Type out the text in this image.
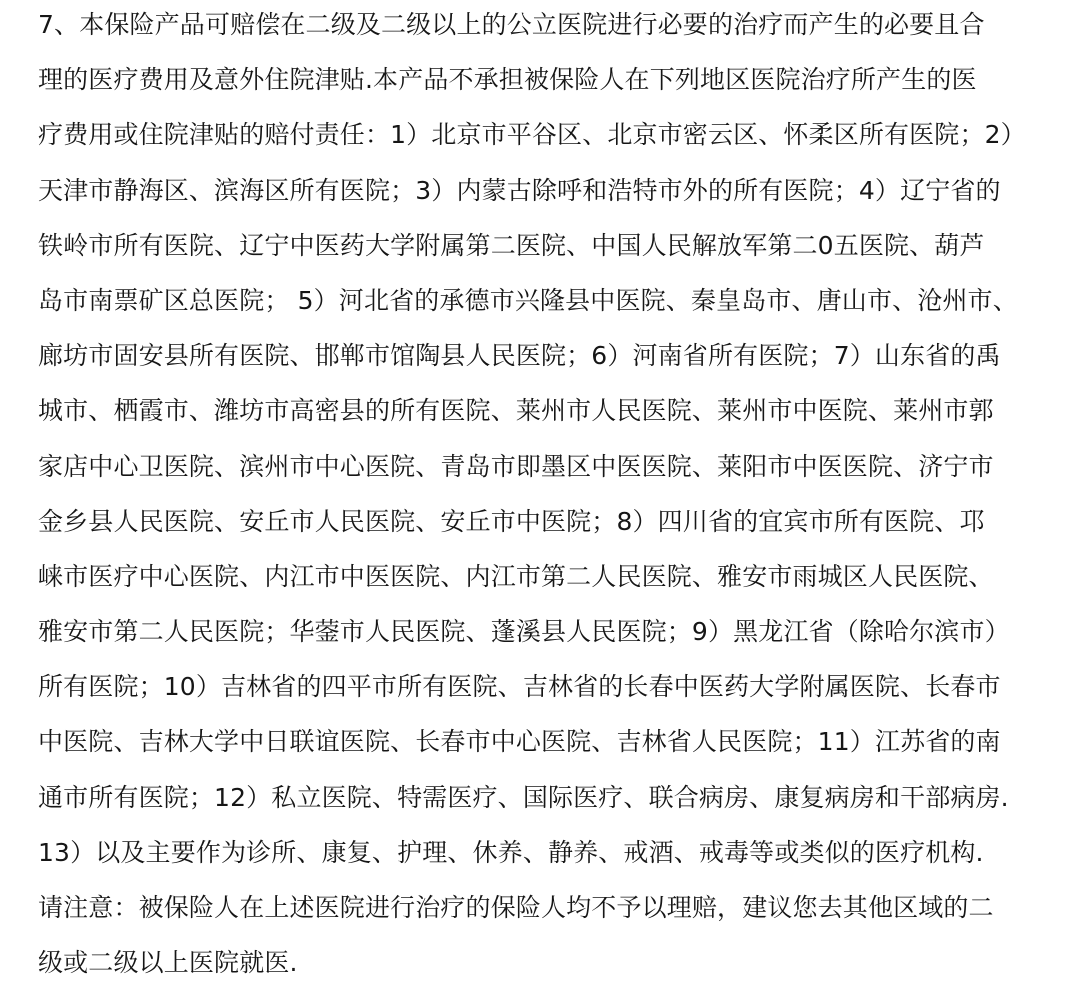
7、本保险产品可赔偿在二级及二级以上的公立医院进行必要的治疗而产生的必要且合
理的医疗费用及意外住院津贴.本产品不承担被保险人在下列地区医院治疗所产生的医
疗费用或住院津贴的赔付责任：1）北京市平谷区、北京市密云区、怀柔区所有医院；2）
天津市静海区、滨海区所有医院；3）内蒙古除呼和浩特市外的所有医院；4）辽宁省的
铁岭市所有医院、辽宁中医药大学附属第二医院、中国人民解放军第二0五医院、葫芦
岛市南票矿区总医院； 5）河北省的承德市兴隆县中医院、秦皇岛市、唐山市、沧州市、
廊坊市固安县所有医院、邯郸市馆陶县人民医院；6）河南省所有医院；7）山东省的禹
城市、栖霞市、潍坊市高密县的所有医院、莱州市人民医院、莱州市中医院、莱州市郭
家店中心卫医院、滨州市中心医院、青岛市即墨区中医医院、莱阳市中医医院、济宁市
金乡县人民医院、安丘市人民医院、安丘市中医院；8）四川省的宜宾市所有医院、邛
崃市医疗中心医院、内江市中医医院、内江市第二人民医院、雅安市雨城区人民医院、
雅安市第二人民医院；华蓥市人民医院、蓬溪县人民医院；9）黑龙江省（除哈尔滨市）
所有医院；10）吉林省的四平市所有医院、吉林省的长春中医药大学附属医院、长春市
中医院、吉林大学中日联谊医院、长春市中心医院、吉林省人民医院；11）江苏省的南
通市所有医院；12）私立医院、特需医疗、国际医疗、联合病房、康复病房和干部病房.
13）以及主要作为诊所、康复、护理、休养、静养、戒酒、戒毒等或类似的医疗机构.
请注意：被保险人在上述医院进行治疗的保险人均不予以理赔，建议您去其他区域的二
级或二级以上医院就医.
